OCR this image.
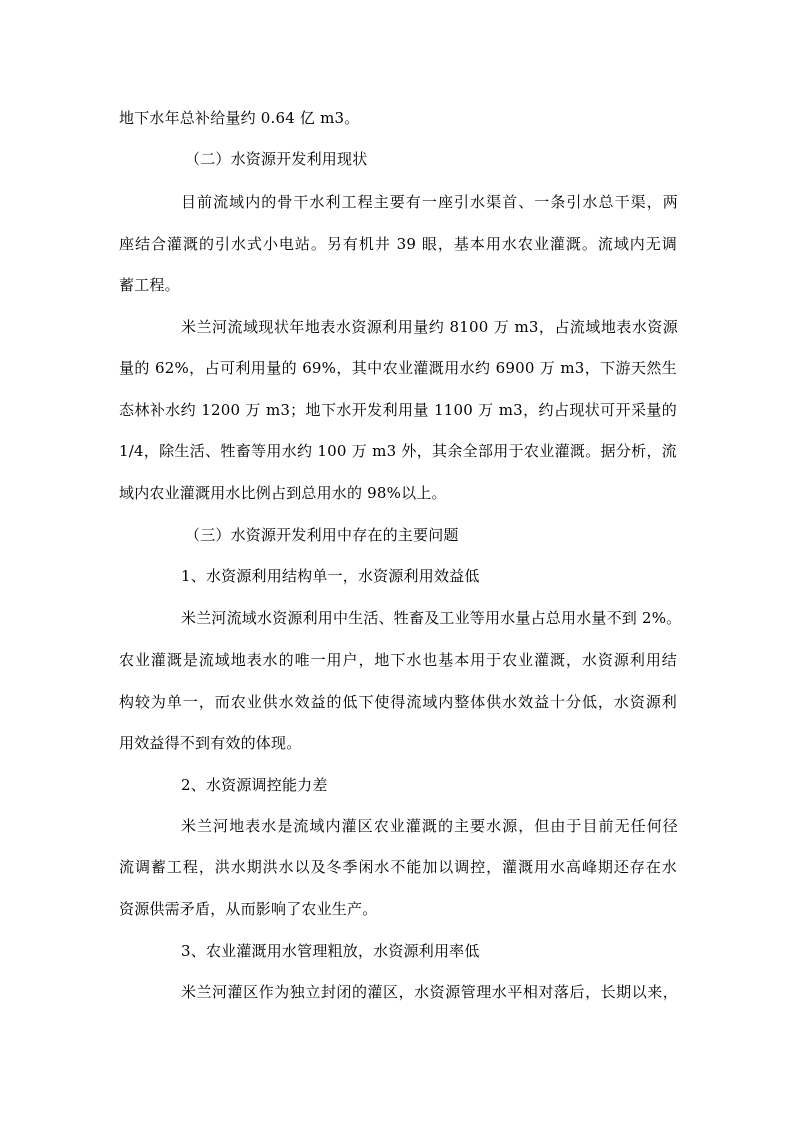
地下水年总补给量约 0.64 亿 m3。
（二）水资源开发利用现状
目前流域内的骨干水利工程主要有一座引水渠首、一条引水总干渠，两
座结合灌溉的引水式小电站。另有机井 39 眼，基本用水农业灌溉。流域内无调
蓄工程。
米兰河流域现状年地表水资源利用量约 8100 万 m3，占流域地表水资源
量的 62%，占可利用量的 69%，其中农业灌溉用水约 6900 万 m3，下游天然生
态林补水约 1200 万 m3；地下水开发利用量 1100 万 m3，约占现状可开采量的
1/4，除生活、牲畜等用水约 100 万 m3 外，其余全部用于农业灌溉。据分析，流
域内农业灌溉用水比例占到总用水的 98%以上。
（三）水资源开发利用中存在的主要问题
1、水资源利用结构单一，水资源利用效益低
米兰河流域水资源利用中生活、牲畜及工业等用水量占总用水量不到 2%。
农业灌溉是流域地表水的唯一用户，地下水也基本用于农业灌溉，水资源利用结
构较为单一，而农业供水效益的低下使得流域内整体供水效益十分低，水资源利
用效益得不到有效的体现。
2、水资源调控能力差
米兰河地表水是流域内灌区农业灌溉的主要水源，但由于目前无任何径
流调蓄工程，洪水期洪水以及冬季闲水不能加以调控，灌溉用水高峰期还存在水
资源供需矛盾，从而影响了农业生产。
3、农业灌溉用水管理粗放，水资源利用率低
米兰河灌区作为独立封闭的灌区，水资源管理水平相对落后，长期以来，
